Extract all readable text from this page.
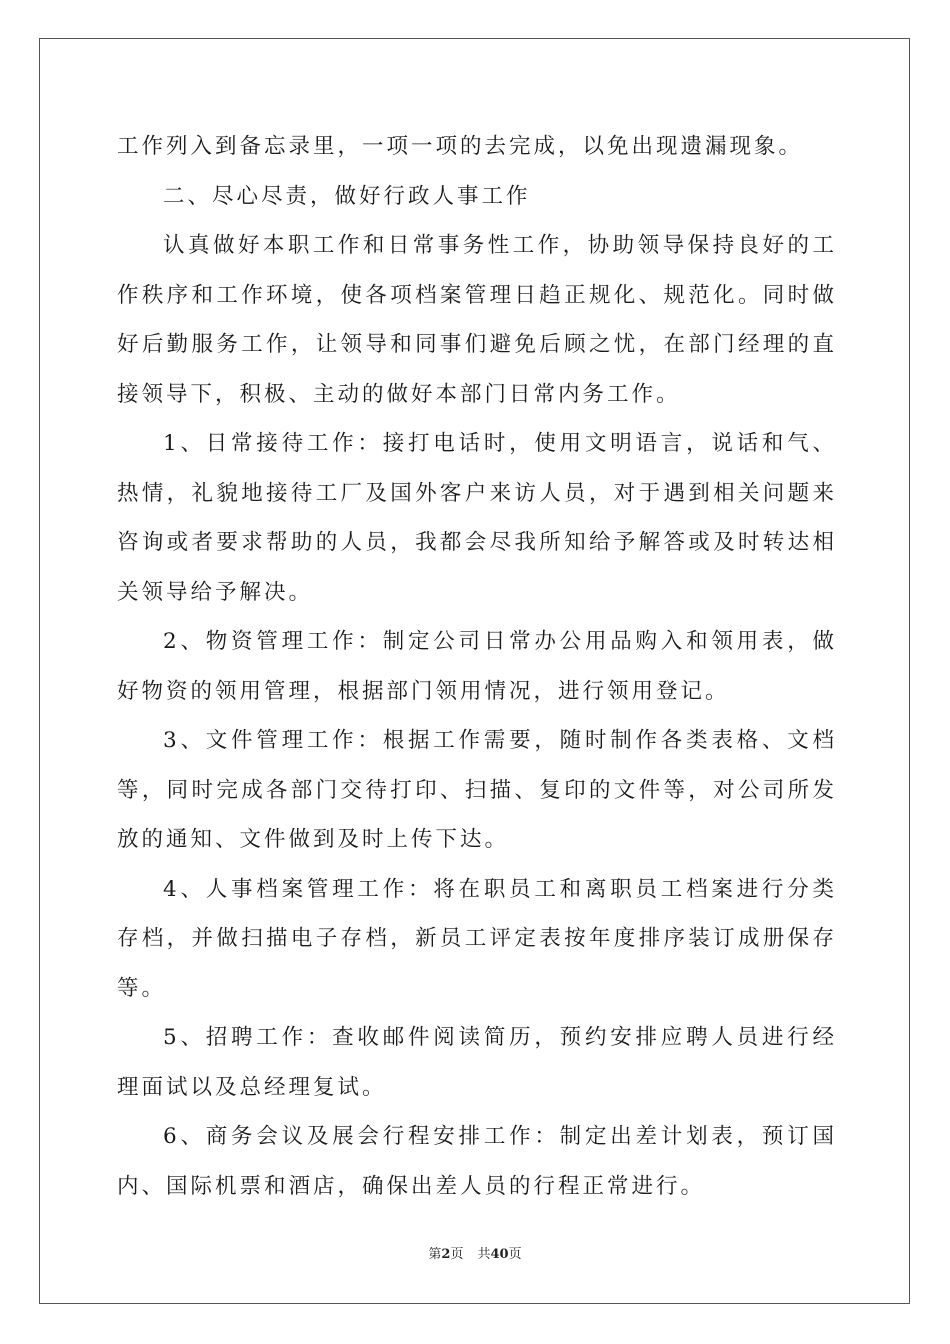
工作列入到备忘录里，一项一项的去完成，以免出现遗漏现象。

二、尽心尽责，做好行政人事工作

认真做好本职工作和日常事务性工作，协助领导保持良好的工作秩序和工作环境，使各项档案管理日趋正规化、规范化。同时做好后勤服务工作，让领导和同事们避免后顾之忧，在部门经理的直接领导下，积极、主动的做好本部门日常内务工作。

1、日常接待工作：接打电话时，使用文明语言，说话和气、热情，礼貌地接待工厂及国外客户来访人员，对于遇到相关问题来咨询或者要求帮助的人员，我都会尽我所知给予解答或及时转达相关领导给予解决。

2、物资管理工作：制定公司日常办公用品购入和领用表，做好物资的领用管理，根据部门领用情况，进行领用登记。

3、文件管理工作：根据工作需要，随时制作各类表格、文档等，同时完成各部门交待打印、扫描、复印的文件等，对公司所发放的通知、文件做到及时上传下达。

4、人事档案管理工作：将在职员工和离职员工档案进行分类存档，并做扫描电子存档，新员工评定表按年度排序装订成册保存等。

5、招聘工作：查收邮件阅读简历，预约安排应聘人员进行经理面试以及总经理复试。

6、商务会议及展会行程安排工作：制定出差计划表，预订国内、国际机票和酒店，确保出差人员的行程正常进行。

第2页 共40页
